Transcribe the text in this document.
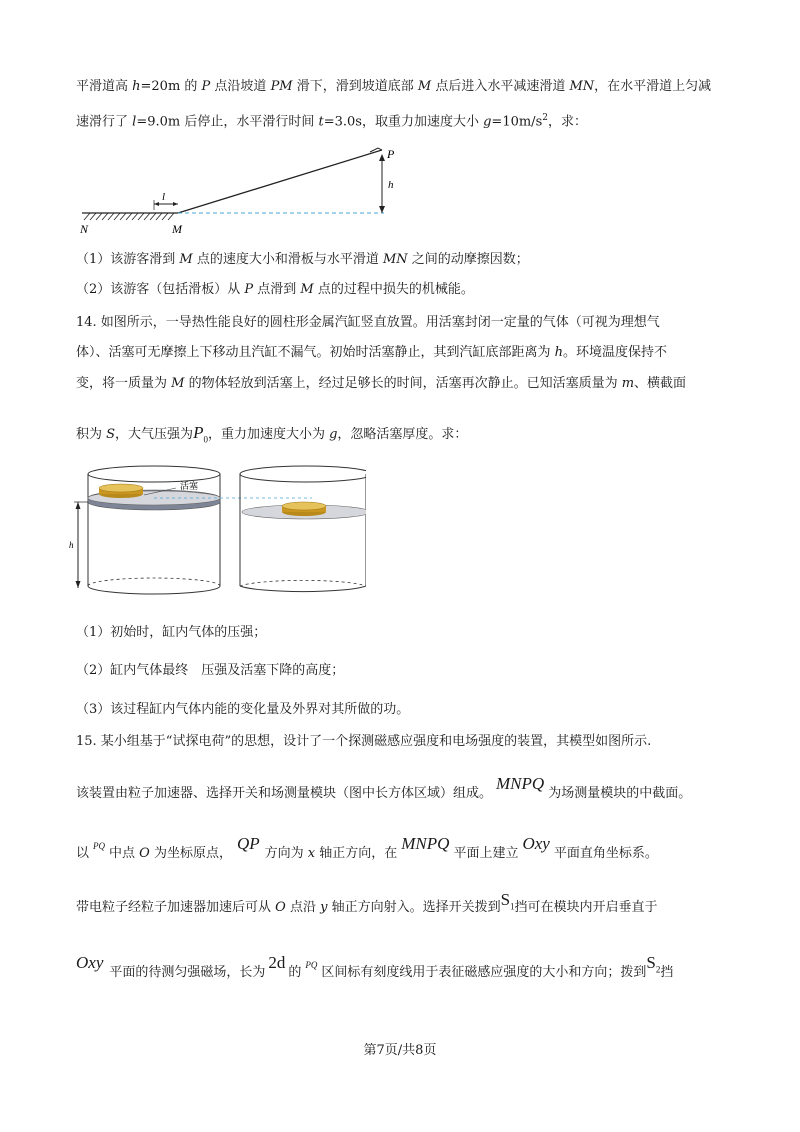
平滑道高 h=20m 的 P 点沿坡道 PM 滑下，滑到坡道底部 M 点后进入水平减速滑道 MN，在水平滑道上匀减
速滑行了 l=9.0m 后停止，水平滑行时间 t=3.0s，取重力加速度大小 $g=10m/s^2$，求：
l
P
h
N	M
（1）该游客滑到 M 点的速度大小和滑板与水平滑道 MN 之间的动摩擦因数；
（2）该游客（包括滑板）从 P 点滑到 M 点的过程中损失的机械能。
14. 如图所示，一导热性能良好的圆柱形金属汽缸竖直放置。用活塞封闭一定量的气体（可视为理想气
体）、活塞可无摩擦上下移动且汽缸不漏气。初始时活塞静止，其到汽缸底部距离为 h。环境温度保持不
变，将一质量为 M 的物体轻放到活塞上，经过足够长的时间，活塞再次静止。已知活塞质量为 m、横截面
积为 S，大气压强为$P_0$，重力加速度大小为 g，忽略活塞厚度。求：
活塞
h
（1）初始时，缸内气体的压强；
（2）缸内气体最终　压强及活塞下降的高度；
（3）该过程缸内气体内能的变化量及外界对其所做的功。
15. 某小组基于“试探电荷”的思想，设计了一个探测磁感应强度和电场强度的装置，其模型如图所示.
该装置由粒子加速器、选择开关和场测量模块（图中长方体区域）组成。MNPQ为场测量模块的中截面。
以 $^{PQ}$ 中点 O 为坐标原点，QP方向为 x 轴正方向，在MNPQ平面上建立Oxy平面直角坐标系。
带电粒子经粒子加速器加速后可从 O 点沿 y 轴正方向射入。选择开关拨到$S_1$挡可在模块内开启垂直于
Oxy平面的待测匀强磁场，长为2d的 $^{PQ}$ 区间标有刻度线用于表征磁感应强度的大小和方向；拨到$S_2$挡
第7页/共8页
